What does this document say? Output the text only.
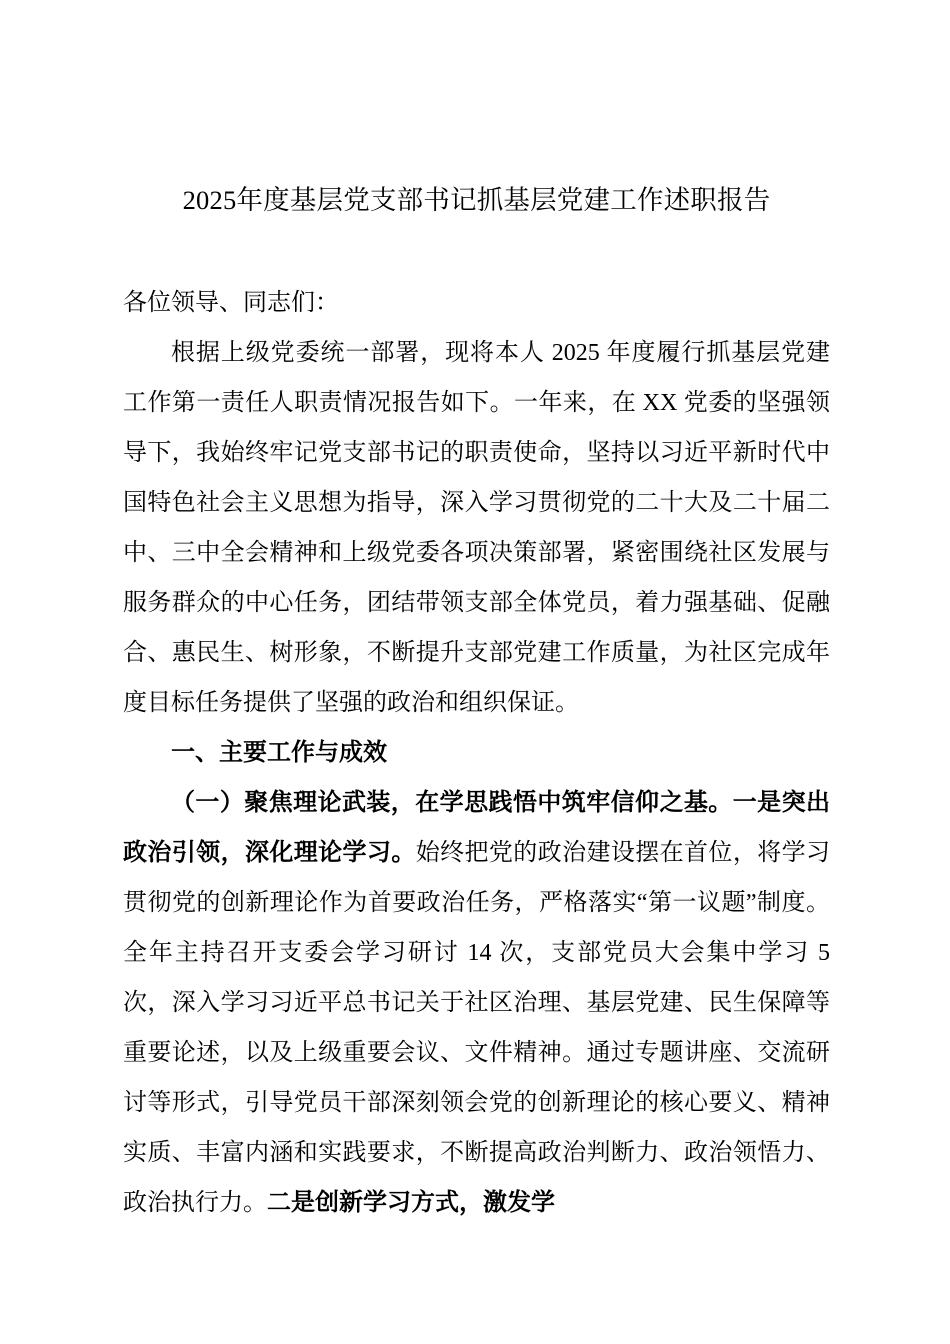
2025年度基层党支部书记抓基层党建工作述职报告

各位领导、同志们：

根据上级党委统一部署，现将本人 2025 年度履行抓基层党建工作第一责任人职责情况报告如下。一年来，在 XX 党委的坚强领导下，我始终牢记党支部书记的职责使命，坚持以习近平新时代中国特色社会主义思想为指导，深入学习贯彻党的二十大及二十届二中、三中全会精神和上级党委各项决策部署，紧密围绕社区发展与服务群众的中心任务，团结带领支部全体党员，着力强基础、促融合、惠民生、树形象，不断提升支部党建工作质量，为社区完成年度目标任务提供了坚强的政治和组织保证。

一、主要工作与成效

（一）聚焦理论武装，在学思践悟中筑牢信仰之基。一是突出政治引领，深化理论学习。始终把党的政治建设摆在首位，将学习贯彻党的创新理论作为首要政治任务，严格落实“第一议题”制度。全年主持召开支委会学习研讨 14 次，支部党员大会集中学习 5 次，深入学习习近平总书记关于社区治理、基层党建、民生保障等重要论述，以及上级重要会议、文件精神。通过专题讲座、交流研讨等形式，引导党员干部深刻领会党的创新理论的核心要义、精神实质、丰富内涵和实践要求，不断提高政治判断力、政治领悟力、政治执行力。二是创新学习方式，激发学
